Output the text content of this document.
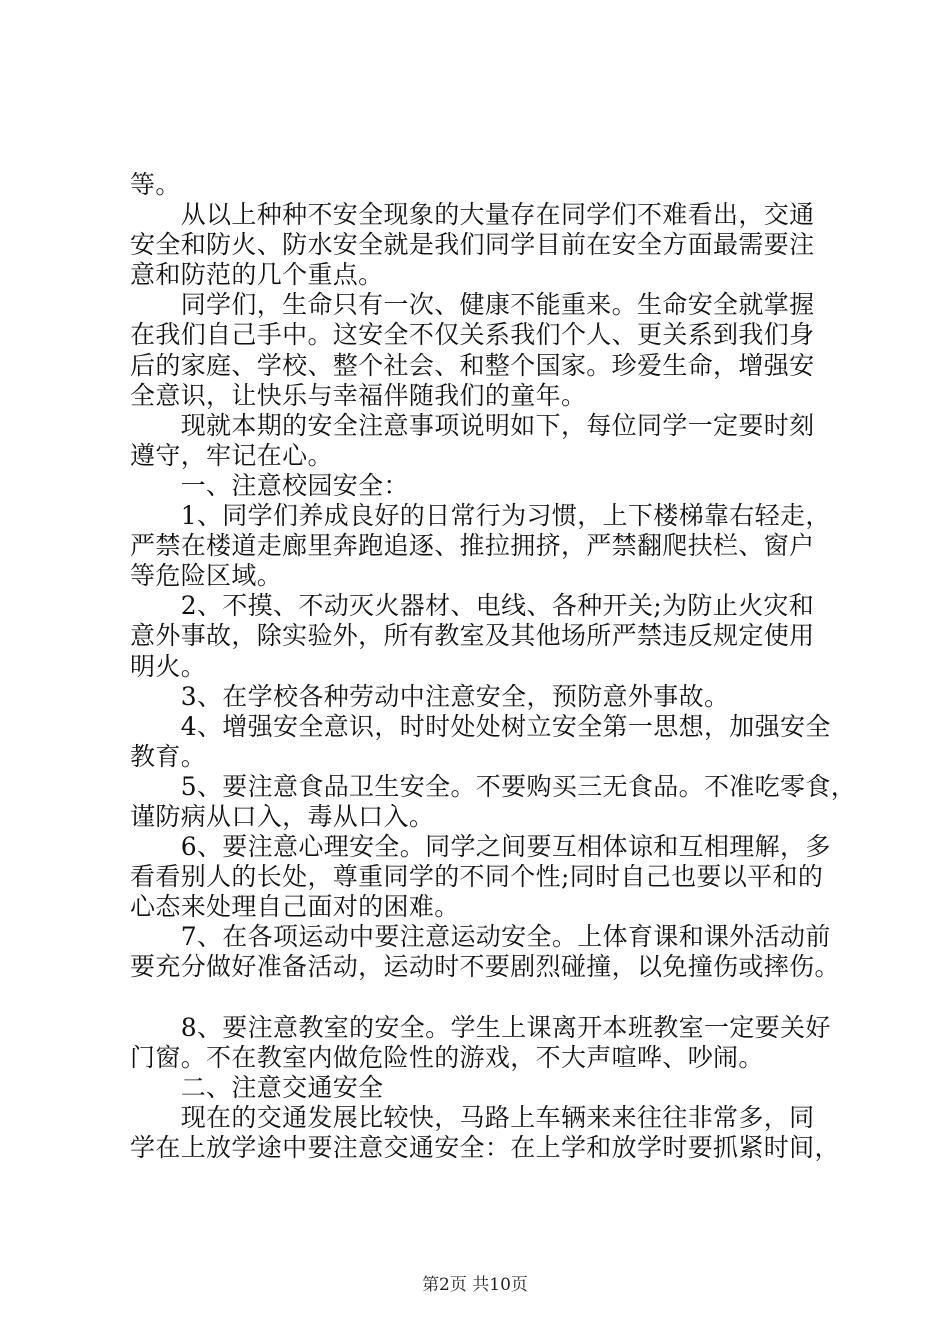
等。
　　从以上种种不安全现象的大量存在同学们不难看出，交通
安全和防火、防水安全就是我们同学目前在安全方面最需要注
意和防范的几个重点。
　　同学们，生命只有一次、健康不能重来。生命安全就掌握
在我们自己手中。这安全不仅关系我们个人、更关系到我们身
后的家庭、学校、整个社会、和整个国家。珍爱生命，增强安
全意识，让快乐与幸福伴随我们的童年。
　　现就本期的安全注意事项说明如下，每位同学一定要时刻
遵守，牢记在心。
　　一、注意校园安全：
　　1、同学们养成良好的日常行为习惯，上下楼梯靠右轻走，
严禁在楼道走廊里奔跑追逐、推拉拥挤，严禁翻爬扶栏、窗户
等危险区域。
　　2、不摸、不动灭火器材、电线、各种开关;为防止火灾和
意外事故，除实验外，所有教室及其他场所严禁违反规定使用
明火。
　　3、在学校各种劳动中注意安全，预防意外事故。
　　4、增强安全意识，时时处处树立安全第一思想，加强安全
教育。
　　5、要注意食品卫生安全。不要购买三无食品。不准吃零食，
谨防病从口入，毒从口入。
　　6、要注意心理安全。同学之间要互相体谅和互相理解，多
看看别人的长处，尊重同学的不同个性;同时自己也要以平和的
心态来处理自己面对的困难。
　　7、在各项运动中要注意运动安全。上体育课和课外活动前
要充分做好准备活动，运动时不要剧烈碰撞，以免撞伤或摔伤。
　　8、要注意教室的安全。学生上课离开本班教室一定要关好
门窗。不在教室内做危险性的游戏，不大声喧哗、吵闹。
　　二、注意交通安全
　　现在的交通发展比较快，马路上车辆来来往往非常多，同
学在上放学途中要注意交通安全：在上学和放学时要抓紧时间，
第2页 共10页
